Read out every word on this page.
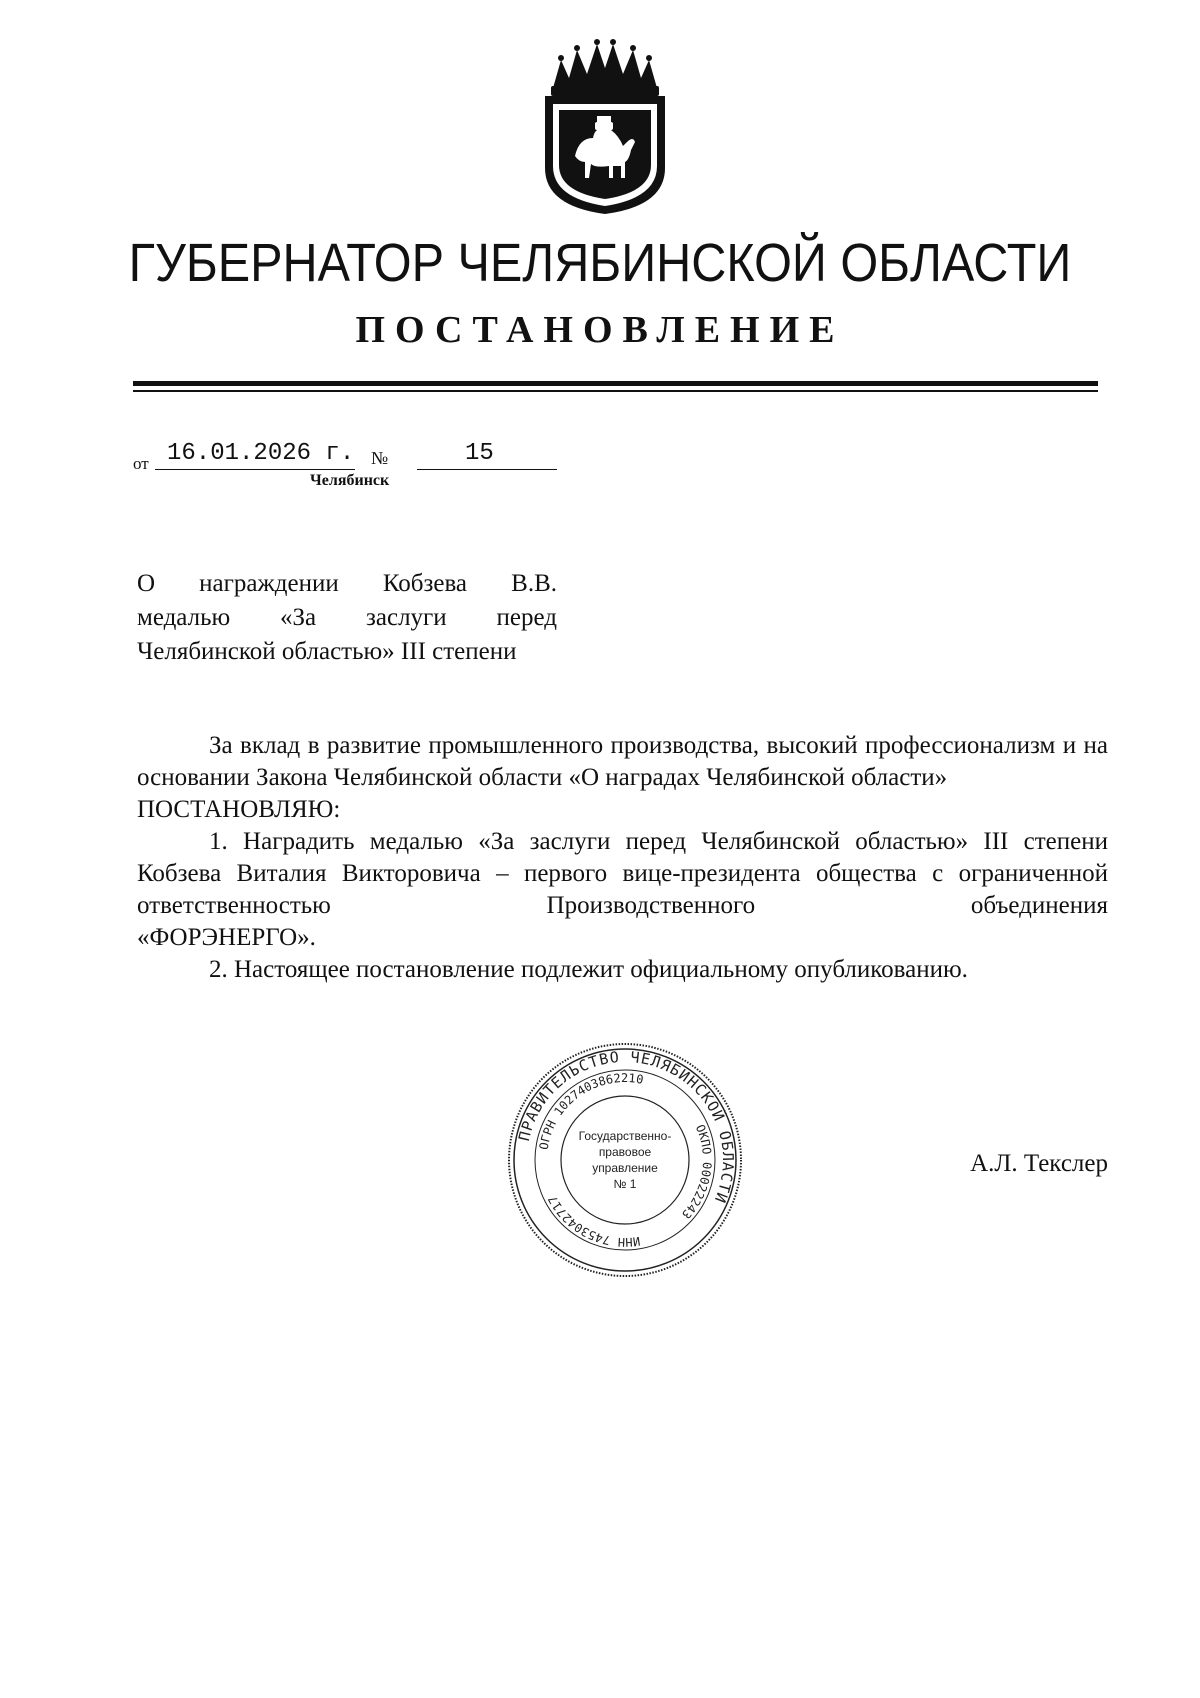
ГУБЕРНАТОР ЧЕЛЯБИНСКОЙ ОБЛАСТИ
ПОСТАНОВЛЕНИЕ
от 16.01.2026 г. №	15
Челябинск
О награждении Кобзева В.В.
медалью «За заслуги перед
Челябинской областью» III степени

За вклад в развитие промышленного производства, высокий профессионализм и на основании Закона Челябинской области «О наградах Челябинской области»

ПОСТАНОВЛЯЮ:

1. Наградить медалью «За заслуги перед Челябинской областью» III степени Кобзева Виталия Викторовича – первого вице-президента общества с ограниченной ответственностью Производственного объединения

«ФОРЭНЕРГО».

2. Настоящее постановление подлежит официальному опубликованию.

ПРАВИТЕЛЬСТВО ЧЕЛЯБИНСКОЙ ОБЛАСТИ
ОГРН 1027403862210
ОКПО 00022243
ИНН 7453042717
Государственно-
правовое
управление
№ 1
А.Л. Текслер
